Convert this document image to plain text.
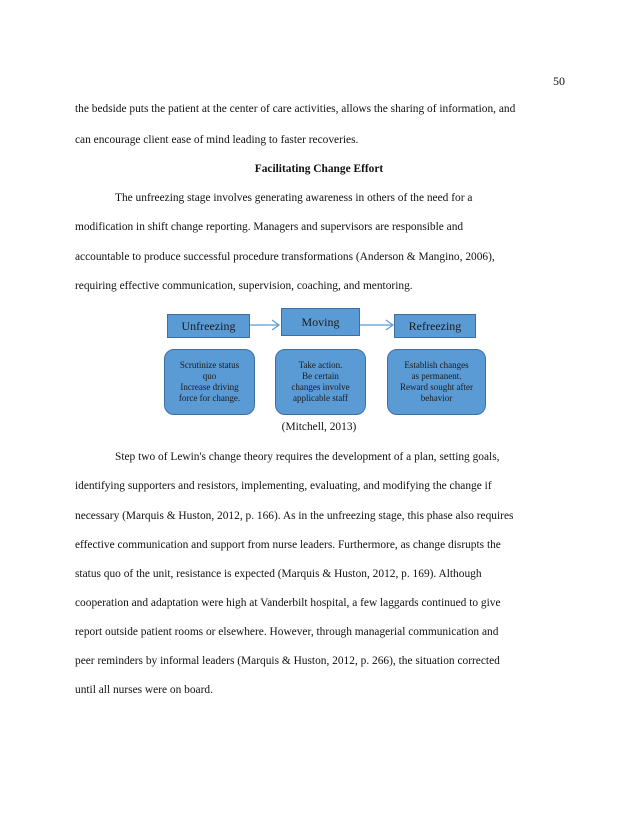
50
the bedside puts the patient at the center of care activities, allows the sharing of information, and
can encourage client ease of mind leading to faster recoveries.
Facilitating Change Effort
The unfreezing stage involves generating awareness in others of the need for a
modification in shift change reporting. Managers and supervisors are responsible and
accountable to produce successful procedure transformations (Anderson & Mangino, 2006),
requiring effective communication, supervision, coaching, and mentoring.
Unfreezing	Moving	Refreezing
Scrutinize status
quo
Increase driving
force for change.
Take action.
Be certain
changes involve
applicable staff
Establish changes
as permanent.
Reward sought after
behavior
(Mitchell, 2013)
Step two of Lewin's change theory requires the development of a plan, setting goals,
identifying supporters and resistors, implementing, evaluating, and modifying the change if
necessary (Marquis & Huston, 2012, p. 166). As in the unfreezing stage, this phase also requires
effective communication and support from nurse leaders. Furthermore, as change disrupts the
status quo of the unit, resistance is expected (Marquis & Huston, 2012, p. 169). Although
cooperation and adaptation were high at Vanderbilt hospital, a few laggards continued to give
report outside patient rooms or elsewhere. However, through managerial communication and
peer reminders by informal leaders (Marquis & Huston, 2012, p. 266), the situation corrected
until all nurses were on board.
